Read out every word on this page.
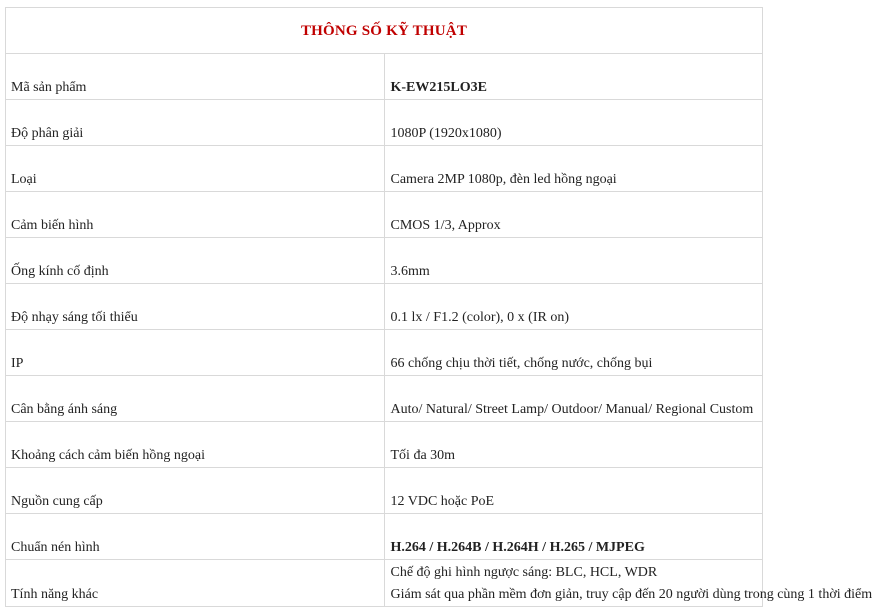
THÔNG SỐ KỸ THUẬT	
Mã sản phẩm	K-EW215LO3E
Độ phân giải	1080P (1920x1080)
Loại	Camera 2MP 1080p, đèn led hồng ngoại
Cảm biến hình	CMOS 1/3, Approx
Ống kính cố định	3.6mm
Độ nhạy sáng tối thiểu	0.1 lx / F1.2 (color), 0 x (IR on)
IP	66 chống chịu thời tiết, chống nước, chống bụi
Cân bằng ánh sáng	Auto/ Natural/ Street Lamp/ Outdoor/ Manual/ Regional Custom
Khoảng cách cảm biến hồng ngoại	Tối đa 30m
Nguồn cung cấp	12 VDC hoặc PoE
Chuẩn nén hình	H.264 / H.264B / H.264H / H.265 / MJPEG
Tính năng khác	Chế độ ghi hình ngược sáng: BLC, HCL, WDR
Giám sát qua phần mềm đơn giản, truy cập đến 20 người dùng trong cùng 1 thời điểm
